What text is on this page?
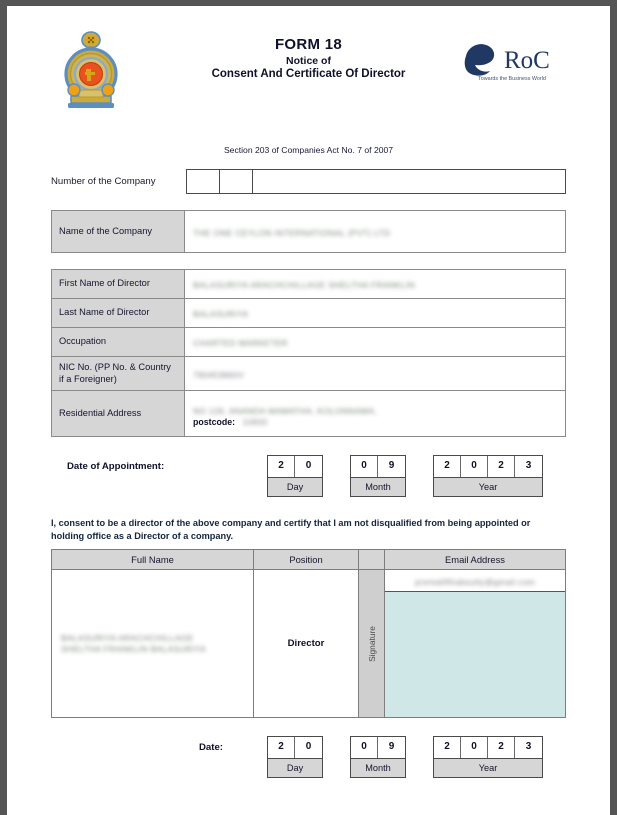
FORM 18
Notice of
Consent And Certificate Of Director	RoC
Towards the Business World
Section 203 of Companies Act No. 7 of 2007
Number of the Company
Name of the Company	THE ONE CEYLON INTERNATIONAL (PVT) LTD
First Name of Director	BALASURIYA ARACHCHILLAGE SHELTHA FRANKLIN
Last Name of Director	BALASURIYA
Occupation	CHARTED MARKETER
NIC No. (PP No. & Country if a Foreigner)	790453860V
Residential Address	NO 126, ANANDA MAWATHA, KOLONNAWA,
postcode: 10600
Date of Appointment:	2	0
Day
0	9
Month
2	0	2	3
Year
I, consent to be a director of the above company and certify that I am not disqualified from being appointed or holding office as a Director of a company.
Full Name	Position		Email Address

BALASURIYA ARACHCHILLAGE
SHELTHA FRANKLIN BALASURIYA	Director	Signature	premalifthaboutly@gmail.com
Date:	2	0
Day
0	9
Month
2	0	2	3
Year
